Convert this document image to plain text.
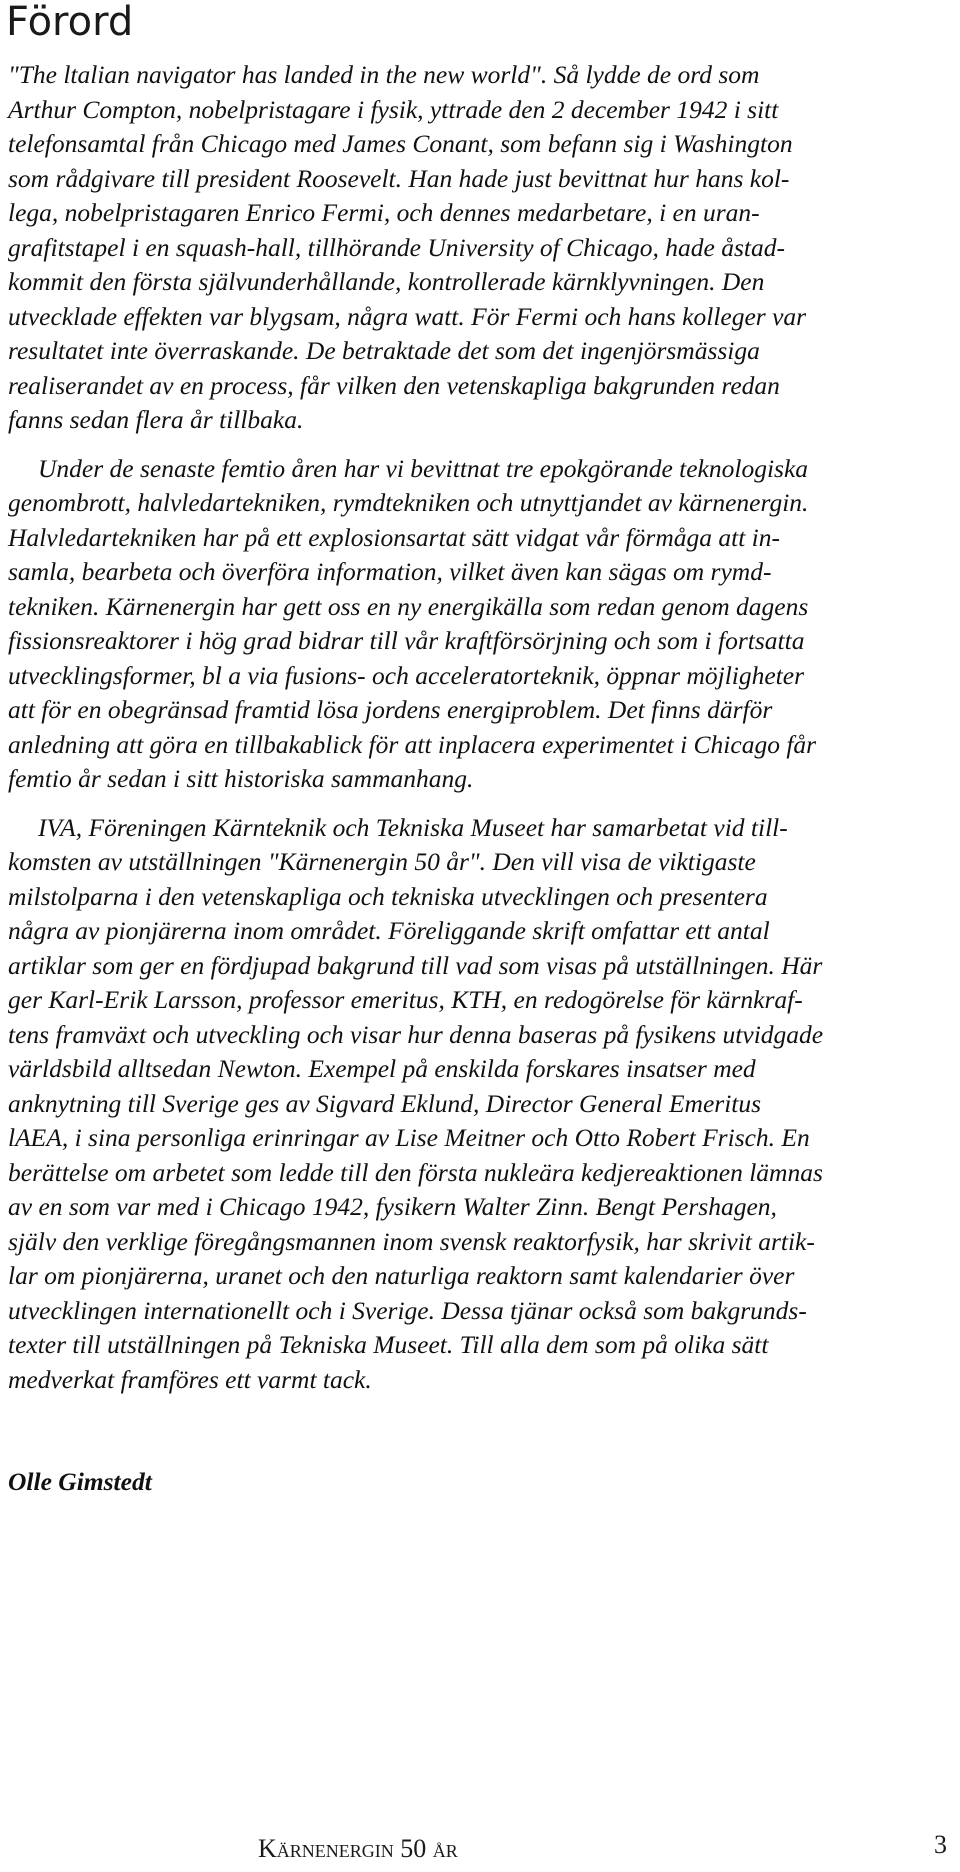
Förord

"The ltalian navigator has landed in the new world". Så lydde de ord som
Arthur Compton, nobelpristagare i fysik, yttrade den 2 december 1942 i sitt
telefonsamtal från Chicago med James Conant, som befann sig i Washington
som rådgivare till president Roosevelt. Han hade just bevittnat hur hans kol-
lega, nobelpristagaren Enrico Fermi, och dennes medarbetare, i en uran-
grafitstapel i en squash-hall, tillhörande University of Chicago, hade åstad-
kommit den första självunderhållande, kontrollerade kärnklyvningen. Den
utvecklade effekten var blygsam, några watt. För Fermi och hans kolleger var
resultatet inte överraskande. De betraktade det som det ingenjörsmässiga
realiserandet av en process, får vilken den vetenskapliga bakgrunden redan
fanns sedan flera år tillbaka.

Under de senaste femtio åren har vi bevittnat tre epokgörande teknologiska
genombrott, halvledartekniken, rymdtekniken och utnyttjandet av kärnenergin.
Halvledartekniken har på ett explosionsartat sätt vidgat vår förmåga att in-
samla, bearbeta och överföra information, vilket även kan sägas om rymd-
tekniken. Kärnenergin har gett oss en ny energikälla som redan genom dagens
fissionsreaktorer i hög grad bidrar till vår kraftförsörjning och som i fortsatta
utvecklingsformer, bl a via fusions- och acceleratorteknik, öppnar möjligheter
att för en obegränsad framtid lösa jordens energiproblem. Det finns därför
anledning att göra en tillbakablick för att inplacera experimentet i Chicago får
femtio år sedan i sitt historiska sammanhang.

IVA, Föreningen Kärnteknik och Tekniska Museet har samarbetat vid till-
komsten av utställningen "Kärnenergin 50 år". Den vill visa de viktigaste
milstolparna i den vetenskapliga och tekniska utvecklingen och presentera
några av pionjärerna inom området. Föreliggande skrift omfattar ett antal
artiklar som ger en fördjupad bakgrund till vad som visas på utställningen. Här
ger Karl-Erik Larsson, professor emeritus, KTH, en redogörelse för kärnkraf-
tens framväxt och utveckling och visar hur denna baseras på fysikens utvidgade
världsbild alltsedan Newton. Exempel på enskilda forskares insatser med
anknytning till Sverige ges av Sigvard Eklund, Director General Emeritus
lAEA, i sina personliga erinringar av Lise Meitner och Otto Robert Frisch. En
berättelse om arbetet som ledde till den första nukleära kedjereaktionen lämnas
av en som var med i Chicago 1942, fysikern Walter Zinn. Bengt Pershagen,
själv den verklige föregångsmannen inom svensk reaktorfysik, har skrivit artik-
lar om pionjärerna, uranet och den naturliga reaktorn samt kalendarier över
utvecklingen internationellt och i Sverige. Dessa tjänar också som bakgrunds-
texter till utställningen på Tekniska Museet. Till alla dem som på olika sätt
medverkat framföres ett varmt tack.

Olle Gimstedt
Kärnenergin 50 år	3
